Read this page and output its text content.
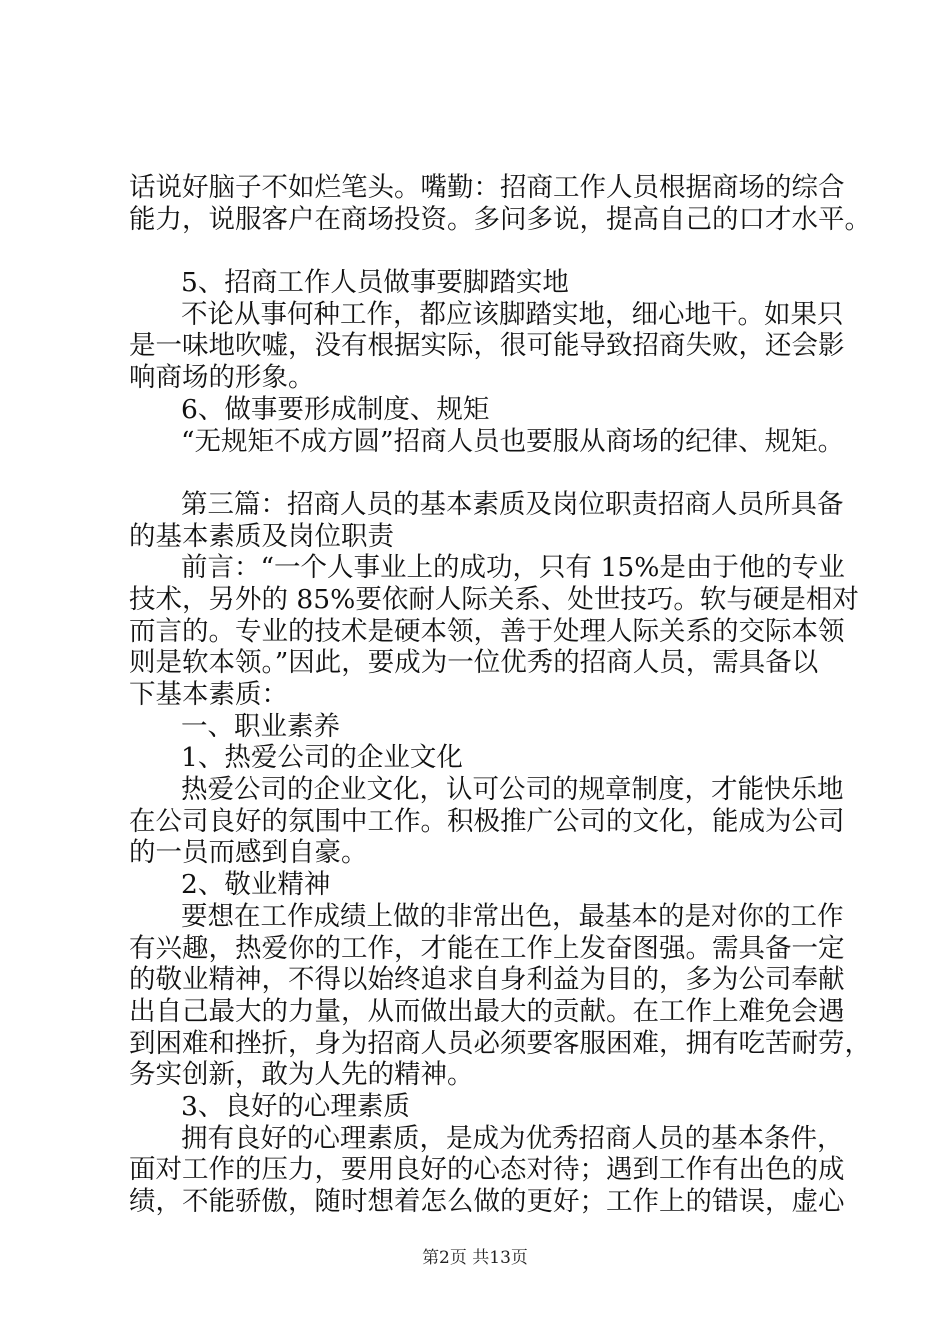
话说好脑子不如烂笔头。嘴勤：招商工作人员根据商场的综合
能力，说服客户在商场投资。多问多说，提高自己的口才水平。
5、招商工作人员做事要脚踏实地
不论从事何种工作，都应该脚踏实地，细心地干。如果只
是一味地吹嘘，没有根据实际，很可能导致招商失败，还会影
响商场的形象。
6、做事要形成制度、规矩
“无规矩不成方圆”招商人员也要服从商场的纪律、规矩。
第三篇：招商人员的基本素质及岗位职责招商人员所具备
的基本素质及岗位职责
前言：“一个人事业上的成功，只有 15%是由于他的专业
技术，另外的 85%要依耐人际关系、处世技巧。软与硬是相对
而言的。专业的技术是硬本领，善于处理人际关系的交际本领
则是软本领。”因此，要成为一位优秀的招商人员，需具备以
下基本素质：
一、职业素养
1、热爱公司的企业文化
热爱公司的企业文化，认可公司的规章制度，才能快乐地
在公司良好的氛围中工作。积极推广公司的文化，能成为公司
的一员而感到自豪。
2、敬业精神
要想在工作成绩上做的非常出色，最基本的是对你的工作
有兴趣，热爱你的工作，才能在工作上发奋图强。需具备一定
的敬业精神，不得以始终追求自身利益为目的，多为公司奉献
出自己最大的力量，从而做出最大的贡献。在工作上难免会遇
到困难和挫折，身为招商人员必须要客服困难，拥有吃苦耐劳，
务实创新，敢为人先的精神。
3、良好的心理素质
拥有良好的心理素质，是成为优秀招商人员的基本条件，
面对工作的压力，要用良好的心态对待；遇到工作有出色的成
绩，不能骄傲，随时想着怎么做的更好；工作上的错误，虚心
第2页 共13页
